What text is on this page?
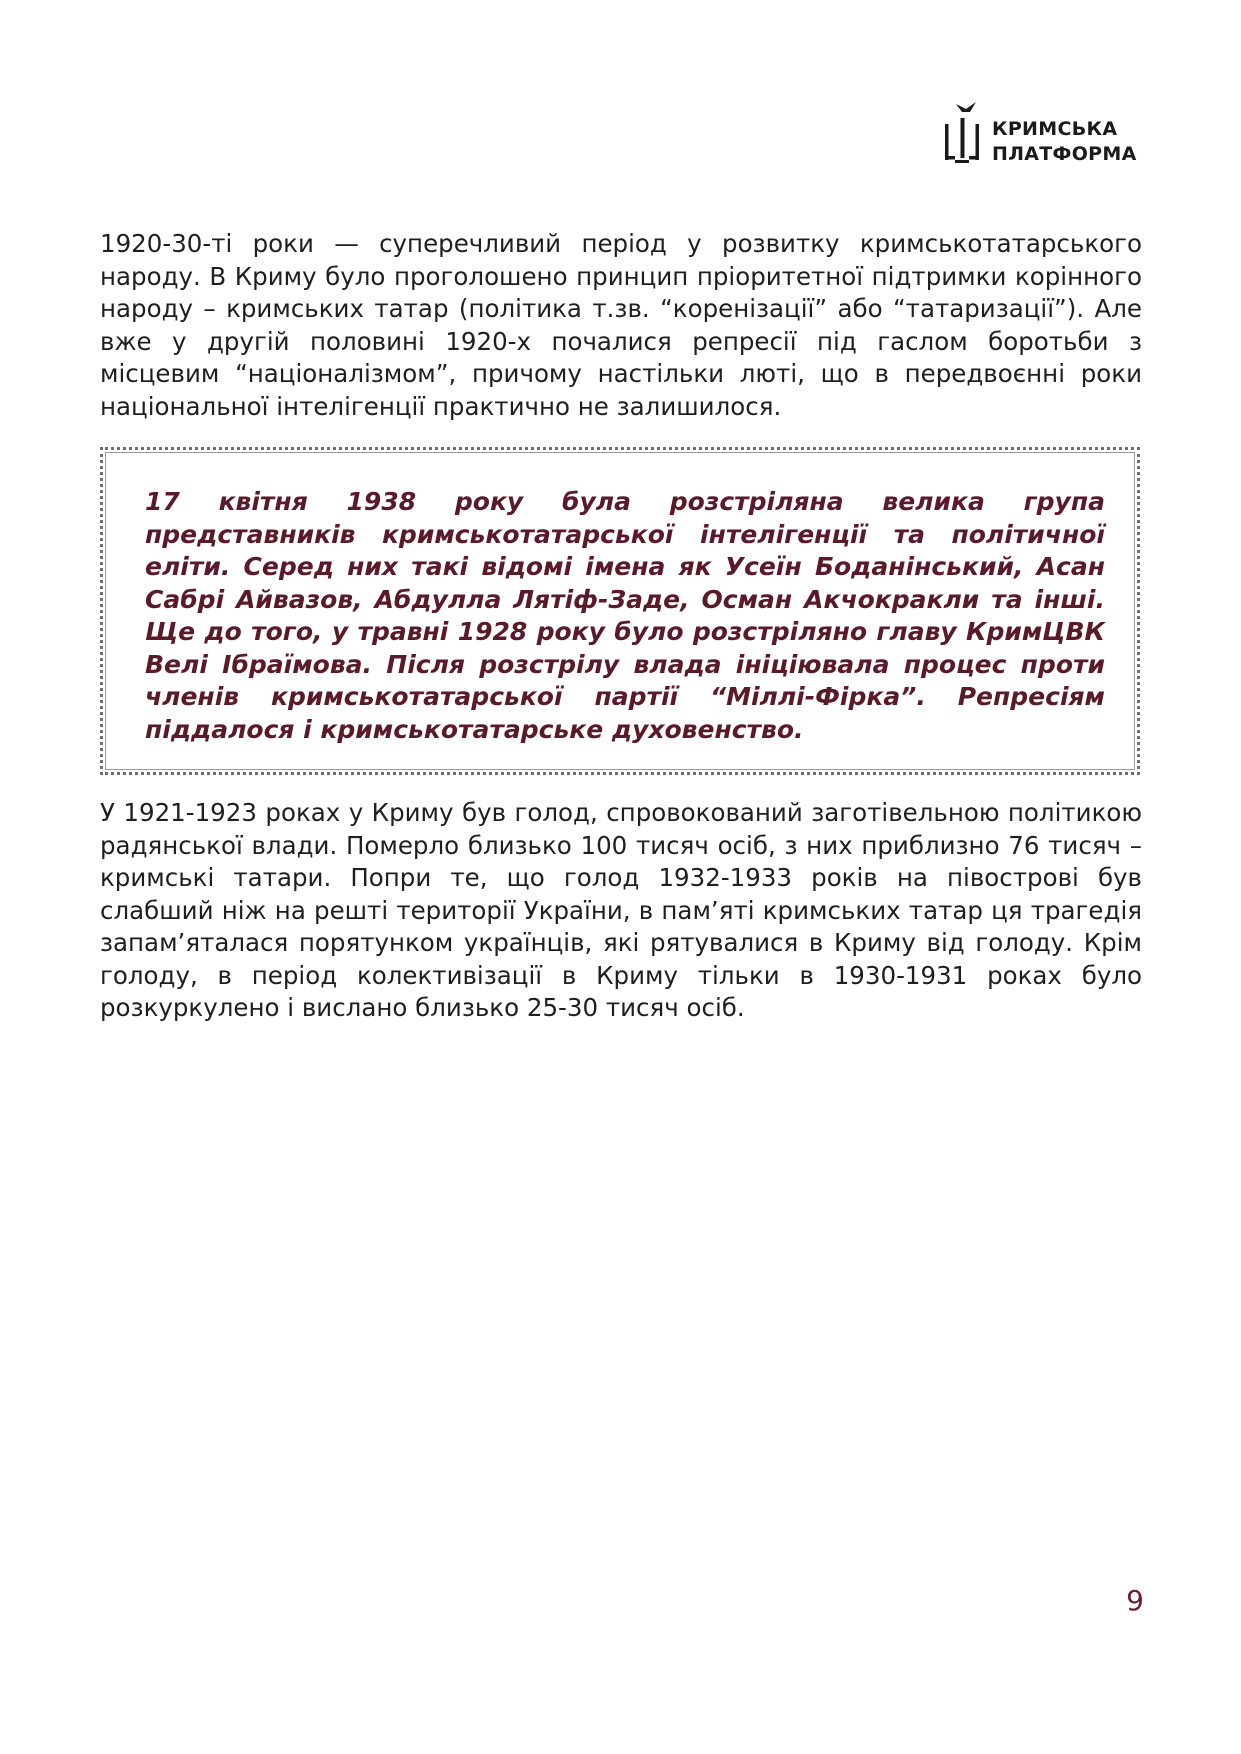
КРИМСЬКА
ПЛАТФОРМА

1920-30-ті роки — суперечливий період у розвитку кримськотатарського народу. В Криму було проголошено принцип пріоритетної підтримки корінного народу – кримських татар (політика т.зв. “коренізації” або “татаризації”). Але вже у другій половині 1920-х почалися репресії під гаслом боротьби з місцевим “націоналізмом”, причому настільки люті, що в передвоєнні роки національної інтелігенції практично не залишилося.

17 квітня 1938 року була розстріляна велика група представників кримськотатарської інтелігенції та політичної еліти. Серед них такі відомі імена як Усеїн Боданінський, Асан Сабрі Айвазов, Абдулла Лятіф-Заде, Осман Акчокракли та інші. Ще до того, у травні 1928 року було розстріляно главу КримЦВК Велі Ібраїмова. Після розстрілу влада ініціювала процес проти членів кримськотатарської партії “Міллі-Фірка”. Репресіям піддалося і кримськотатарське духовенство.

У 1921-1923 роках у Криму був голод, спровокований заготівельною політикою радянської влади. Померло близько 100 тисяч осіб, з них приблизно 76 тисяч – кримські татари. Попри те, що голод 1932-1933 років на півострові був слабший ніж на решті території України, в пам’яті кримських татар ця трагедія запам’яталася порятунком українців, які рятувалися в Криму від голоду. Крім голоду, в період колективізації в Криму тільки в 1930-1931 роках було розкуркулено і вислано близько 25-30 тисяч осіб.

9
